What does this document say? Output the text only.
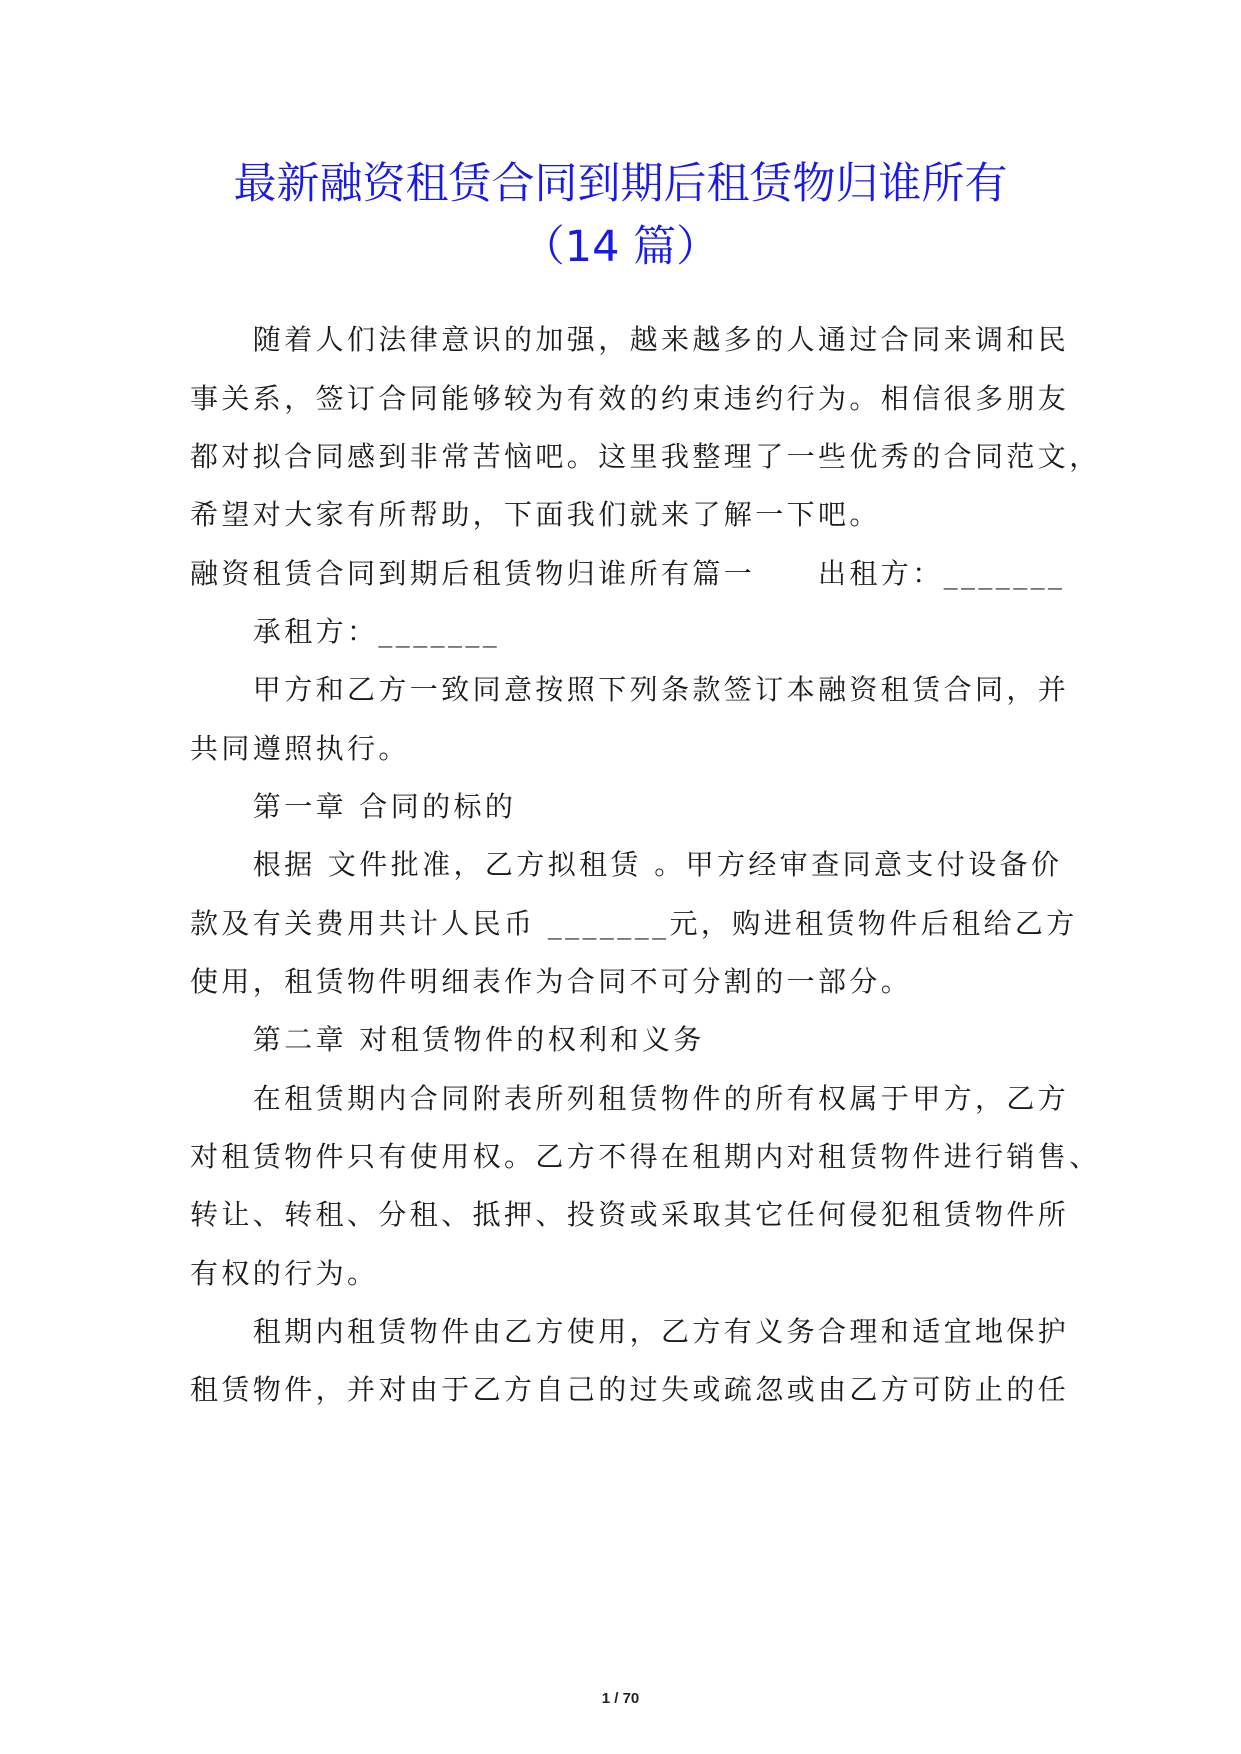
最新融资租赁合同到期后租赁物归谁所有
（14 篇）
　　随着人们法律意识的加强，越来越多的人通过合同来调和民
事关系，签订合同能够较为有效的约束违约行为。相信很多朋友
都对拟合同感到非常苦恼吧。这里我整理了一些优秀的合同范文，
希望对大家有所帮助，下面我们就来了解一下吧。
融资租赁合同到期后租赁物归谁所有篇一　　出租方：_______
　　承租方：_______
　　甲方和乙方一致同意按照下列条款签订本融资租赁合同，并
共同遵照执行。
　　第一章 合同的标的
　　根据 文件批准，乙方拟租赁 。甲方经审查同意支付设备价
款及有关费用共计人民币 _______元，购进租赁物件后租给乙方
使用，租赁物件明细表作为合同不可分割的一部分。
　　第二章 对租赁物件的权利和义务
　　在租赁期内合同附表所列租赁物件的所有权属于甲方，乙方
对租赁物件只有使用权。乙方不得在租期内对租赁物件进行销售、
转让、转租、分租、抵押、投资或采取其它任何侵犯租赁物件所
有权的行为。
　　租期内租赁物件由乙方使用，乙方有义务合理和适宜地保护
租赁物件，并对由于乙方自己的过失或疏忽或由乙方可防止的任
1 / 70
